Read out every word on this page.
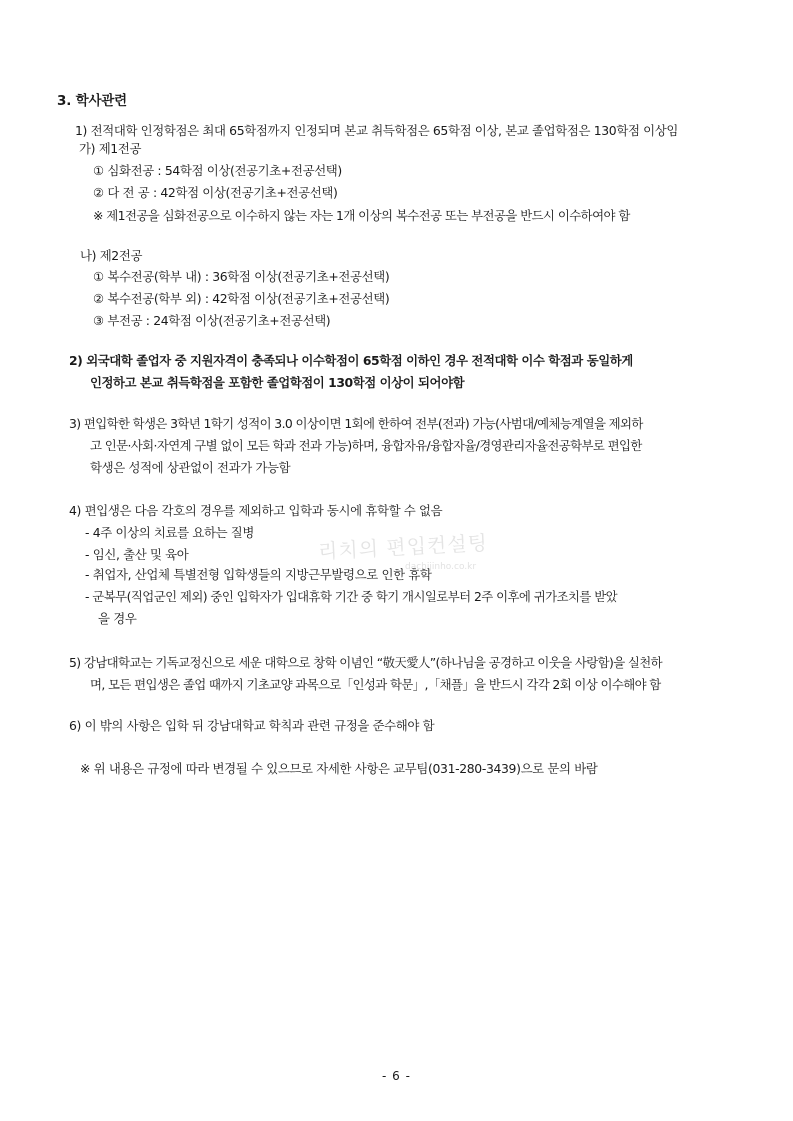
리치의 편입컨설팅
dachijinho.co.kr
3. 학사관련
1) 전적대학 인정학점은 최대 65학점까지 인정되며 본교 취득학점은 65학점 이상, 본교 졸업학점은 130학점 이상임
가) 제1전공
① 심화전공 : 54학점 이상(전공기초+전공선택)
② 다 전 공 : 42학점 이상(전공기초+전공선택)
※ 제1전공을 심화전공으로 이수하지 않는 자는 1개 이상의 복수전공 또는 부전공을 반드시 이수하여야 함
나) 제2전공
① 복수전공(학부 내) : 36학점 이상(전공기초+전공선택)
② 복수전공(학부 외) : 42학점 이상(전공기초+전공선택)
③ 부전공 : 24학점 이상(전공기초+전공선택)
2) 외국대학 졸업자 중 지원자격이 충족되나 이수학점이 65학점 이하인 경우 전적대학 이수 학점과 동일하게
인정하고 본교 취득학점을 포함한 졸업학점이 130학점 이상이 되어야함
3) 편입학한 학생은 3학년 1학기 성적이 3.0 이상이면 1회에 한하여 전부(전과) 가능(사범대/예체능계열을 제외하
고 인문·사회·자연계 구별 없이 모든 학과 전과 가능)하며, 융합자유/융합자율/경영관리자율전공학부로 편입한
학생은 성적에 상관없이 전과가 가능함
4) 편입생은 다음 각호의 경우를 제외하고 입학과 동시에 휴학할 수 없음
- 4주 이상의 치료를 요하는 질병
- 임신, 출산 및 육아
- 취업자, 산업체 특별전형 입학생들의 지방근무발령으로 인한 휴학
- 군복무(직업군인 제외) 중인 입학자가 입대휴학 기간 중 학기 개시일로부터 2주 이후에 귀가조치를 받았
을 경우
5) 강남대학교는 기독교정신으로 세운 대학으로 창학 이념인 “敬天愛人”(하나님을 공경하고 이웃을 사랑함)을 실천하
며, 모든 편입생은 졸업 때까지 기초교양 과목으로「인성과 학문」,「채플」을 반드시 각각 2회 이상 이수해야 함
6) 이 밖의 사항은 입학 뒤 강남대학교 학칙과 관련 규정을 준수해야 함
※ 위 내용은 규정에 따라 변경될 수 있으므로 자세한 사항은 교무팀(031-280-3439)으로 문의 바람
- 6 -
